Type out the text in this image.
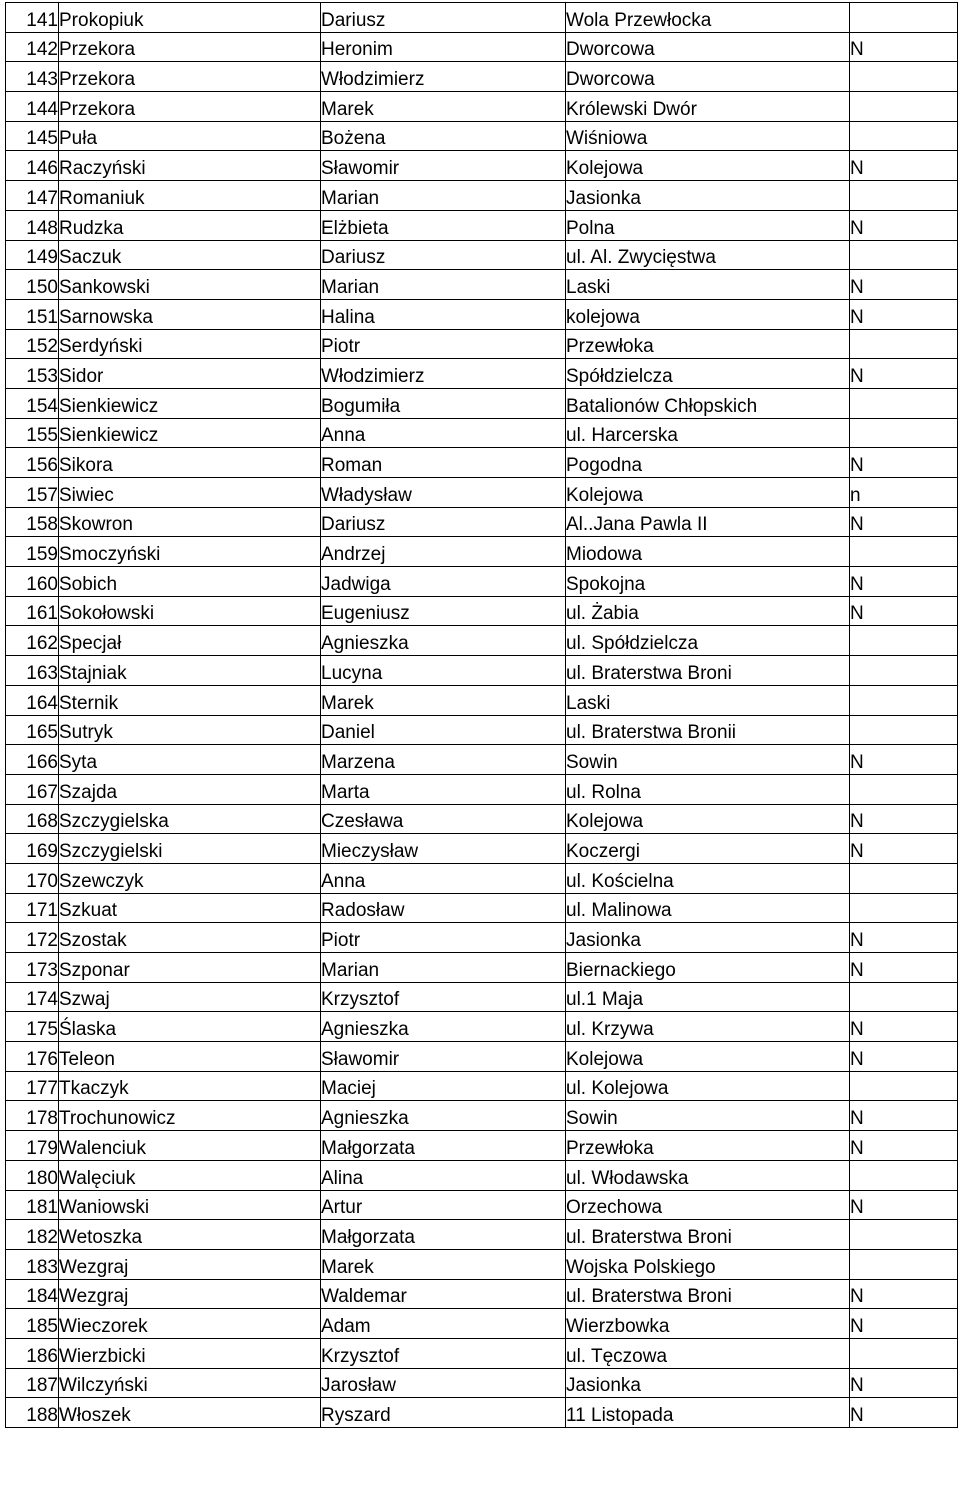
141	Prokopiuk	Dariusz	Wola Przewłocka	
142	Przekora	Heronim	Dworcowa	N
143	Przekora	Włodzimierz	Dworcowa	
144	Przekora	Marek	Królewski Dwór	
145	Puła	Bożena	Wiśniowa	
146	Raczyński	Sławomir	Kolejowa	N
147	Romaniuk	Marian	Jasionka	
148	Rudzka	Elżbieta	Polna	N
149	Saczuk	Dariusz	ul. Al. Zwycięstwa	
150	Sankowski	Marian	Laski	N
151	Sarnowska	Halina	kolejowa	N
152	Serdyński	Piotr	Przewłoka	
153	Sidor	Włodzimierz	Spółdzielcza	N
154	Sienkiewicz	Bogumiła	Batalionów Chłopskich	
155	Sienkiewicz	Anna	ul. Harcerska	
156	Sikora	Roman	Pogodna	N
157	Siwiec	Władysław	Kolejowa	n
158	Skowron	Dariusz	Al..Jana Pawla II	N
159	Smoczyński	Andrzej	Miodowa	
160	Sobich	Jadwiga	Spokojna	N
161	Sokołowski	Eugeniusz	ul. Żabia	N
162	Specjał	Agnieszka	ul. Spółdzielcza	
163	Stajniak	Lucyna	ul. Braterstwa Broni	
164	Sternik	Marek	Laski	
165	Sutryk	Daniel	ul. Braterstwa Bronii	
166	Syta	Marzena	Sowin	N
167	Szajda	Marta	ul. Rolna	
168	Szczygielska	Czesława	Kolejowa	N
169	Szczygielski	Mieczysław	Koczergi	N
170	Szewczyk	Anna	ul. Kościelna	
171	Szkuat	Radosław	ul. Malinowa	
172	Szostak	Piotr	Jasionka	N
173	Szponar	Marian	Biernackiego	N
174	Szwaj	Krzysztof	ul.1 Maja	
175	Ślaska	Agnieszka	ul. Krzywa	N
176	Teleon	Sławomir	Kolejowa	N
177	Tkaczyk	Maciej	ul. Kolejowa	
178	Trochunowicz	Agnieszka	Sowin	N
179	Walenciuk	Małgorzata	Przewłoka	N
180	Walęciuk	Alina	ul. Włodawska	
181	Waniowski	Artur	Orzechowa	N
182	Wetoszka	Małgorzata	ul. Braterstwa Broni	
183	Wezgraj	Marek	Wojska Polskiego	
184	Wezgraj	Waldemar	ul. Braterstwa Broni	N
185	Wieczorek	Adam	Wierzbowka	N
186	Wierzbicki	Krzysztof	ul. Tęczowa	
187	Wilczyński	Jarosław	Jasionka	N
188	Włoszek	Ryszard	11 Listopada	N
